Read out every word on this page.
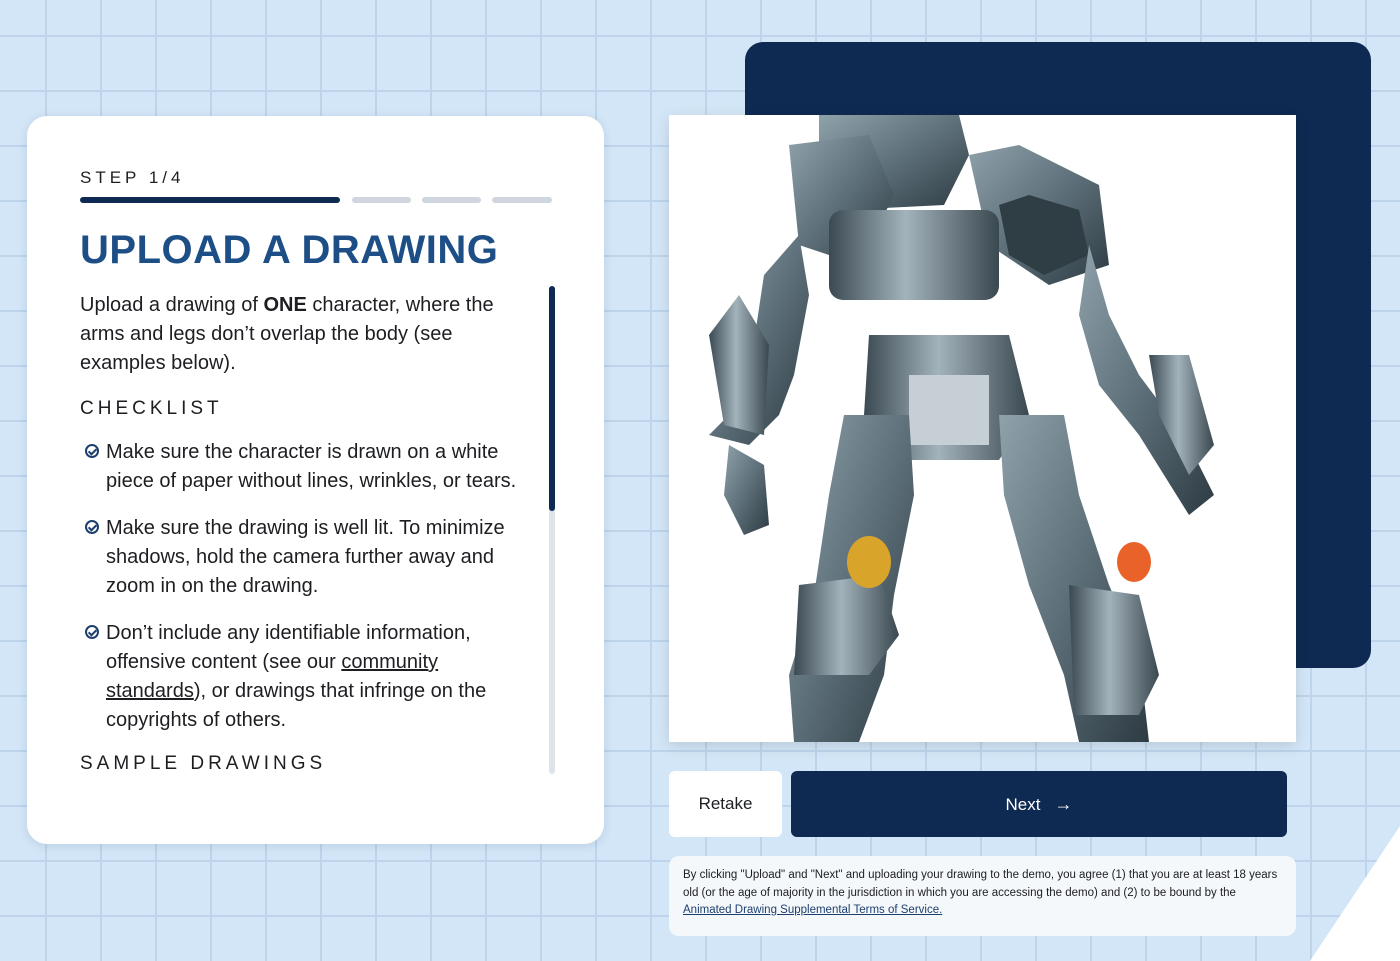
STEP 1/4
UPLOAD A DRAWING

Upload a drawing of ONE character, where the arms and legs don’t overlap the body (see examples below).

CHECKLIST
Make sure the character is drawn on a white piece of paper without lines, wrinkles, or tears.
Make sure the drawing is well lit. To minimize shadows, hold the camera further away and zoom in on the drawing.
Don’t include any identifiable information, offensive content (see our community standards), or drawings that infringe on the copyrights of others.
SAMPLE DRAWINGS
Retake	Next →
By clicking "Upload" and "Next" and uploading your drawing to the demo, you agree (1) that you are at least 18 years old (or the age of majority in the jurisdiction in which you are accessing the demo) and (2) to be bound by the Animated Drawing Supplemental Terms of Service.
